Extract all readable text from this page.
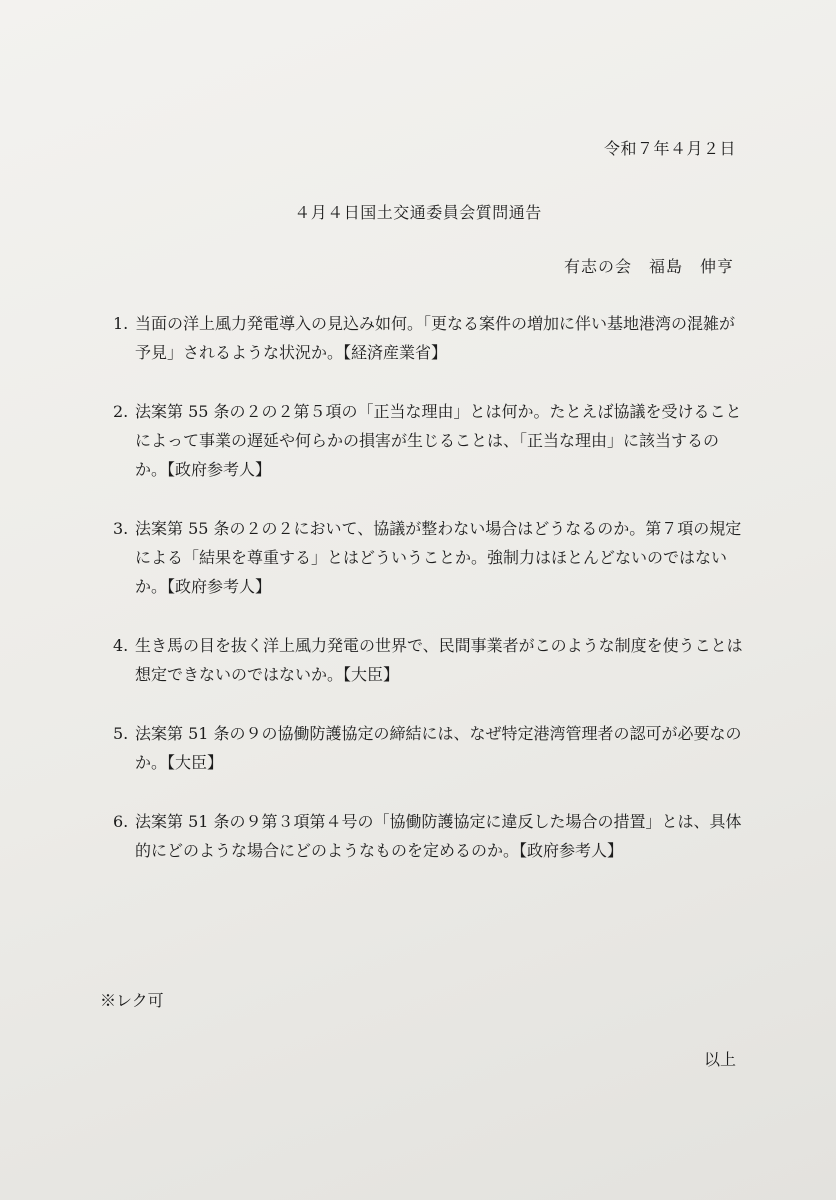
令和７年４月２日

４月４日国土交通委員会質問通告

有志の会　福島　伸亨

1. 当面の洋上風力発電導入の見込み如何。「更なる案件の増加に伴い基地港湾の混雑が予見」されるような状況か。【経済産業省】
2. 法案第 55 条の２の２第５項の「正当な理由」とは何か。たとえば協議を受けることによって事業の遅延や何らかの損害が生じることは、「正当な理由」に該当するのか。【政府参考人】
3. 法案第 55 条の２の２において、協議が整わない場合はどうなるのか。第７項の規定による「結果を尊重する」とはどういうことか。強制力はほとんどないのではないか。【政府参考人】
4. 生き馬の目を抜く洋上風力発電の世界で、民間事業者がこのような制度を使うことは想定できないのではないか。【大臣】
5. 法案第 51 条の９の協働防護協定の締結には、なぜ特定港湾管理者の認可が必要なのか。【大臣】
6. 法案第 51 条の９第３項第４号の「協働防護協定に違反した場合の措置」とは、具体的にどのような場合にどのようなものを定めるのか。【政府参考人】

※レク可

以上
